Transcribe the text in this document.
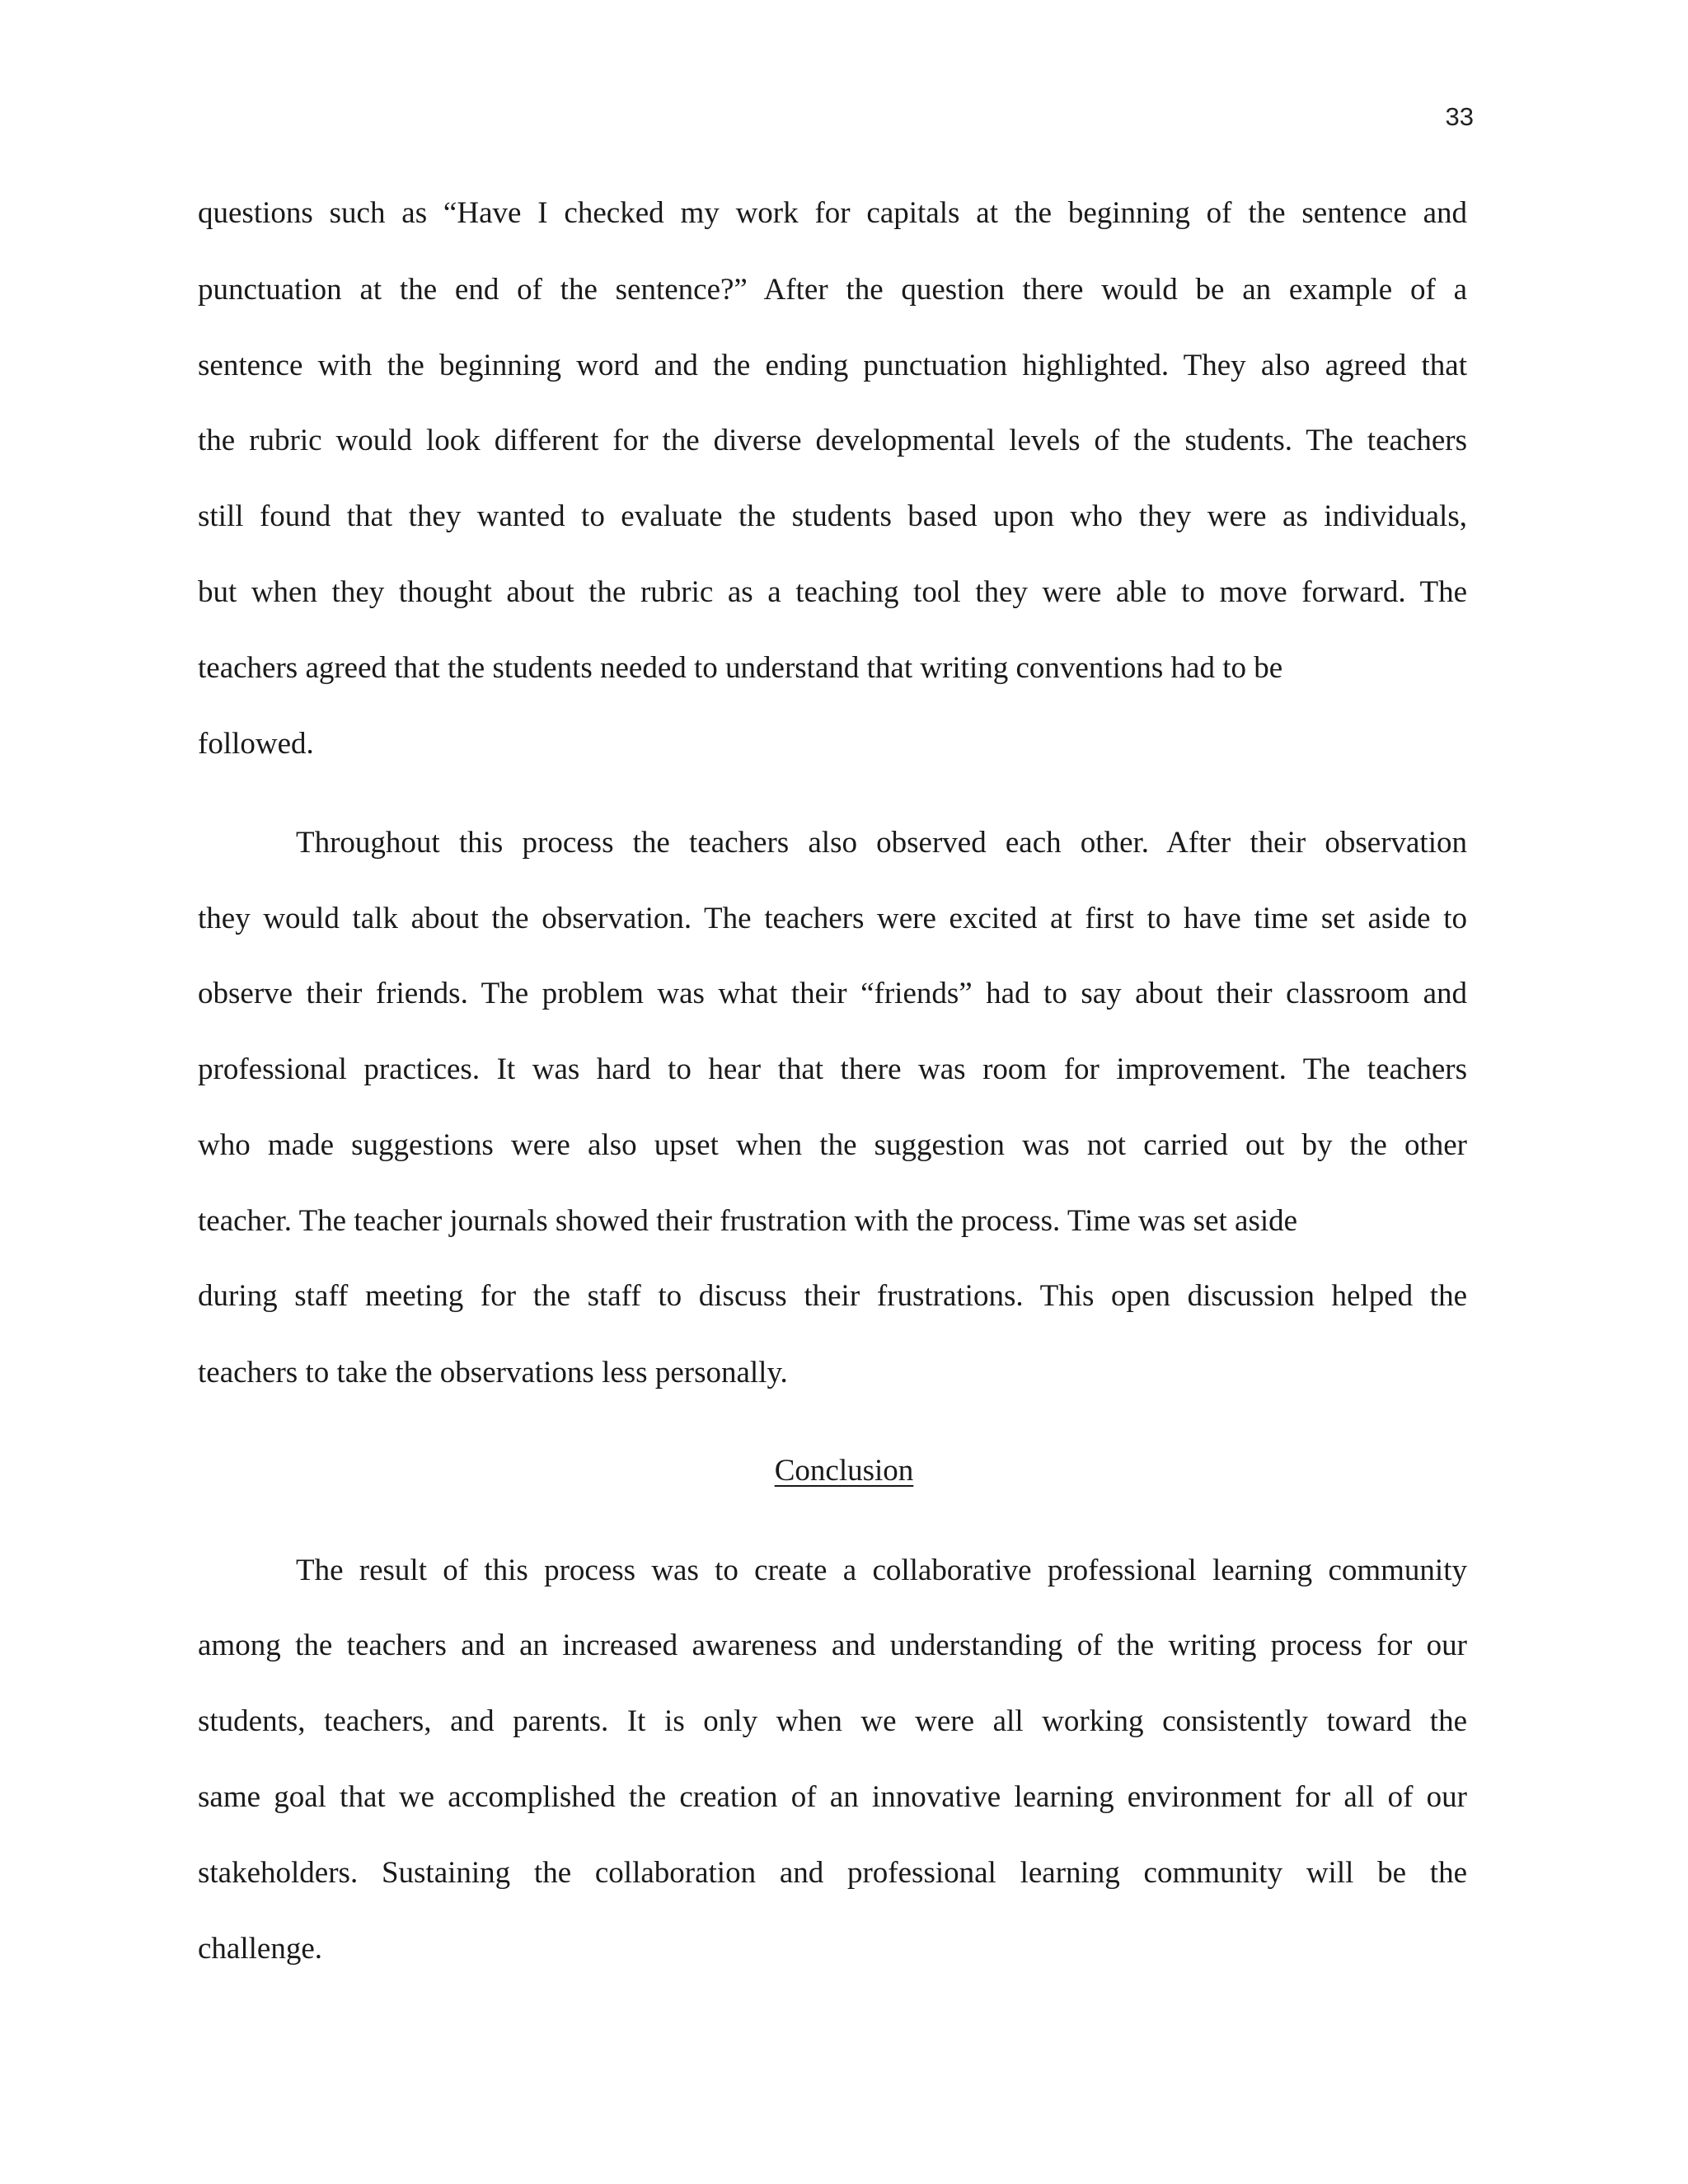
33
questions such as “Have I checked my work for capitals at the beginning of the sentence and
punctuation at the end of the sentence?” After the question there would be an example of a
sentence with the beginning word and the ending punctuation highlighted. They also agreed that
the rubric would look different for the diverse developmental levels of the students. The teachers
still found that they wanted to evaluate the students based upon who they were as individuals,
but when they thought about the rubric as a teaching tool they were able to move forward. The
teachers agreed that the students needed to understand that writing conventions had to be
followed.
Throughout this process the teachers also observed each other. After their observation
they would talk about the observation. The teachers were excited at first to have time set aside to
observe their friends. The problem was what their “friends” had to say about their classroom and
professional practices. It was hard to hear that there was room for improvement. The teachers
who made suggestions were also upset when the suggestion was not carried out by the other
teacher. The teacher journals showed their frustration with the process. Time was set aside
during staff meeting for the staff to discuss their frustrations. This open discussion helped the
teachers to take the observations less personally.
Conclusion
The result of this process was to create a collaborative professional learning community
among the teachers and an increased awareness and understanding of the writing process for our
students, teachers, and parents. It is only when we were all working consistently toward the
same goal that we accomplished the creation of an innovative learning environment for all of our
stakeholders. Sustaining the collaboration and professional learning community will be the
challenge.
